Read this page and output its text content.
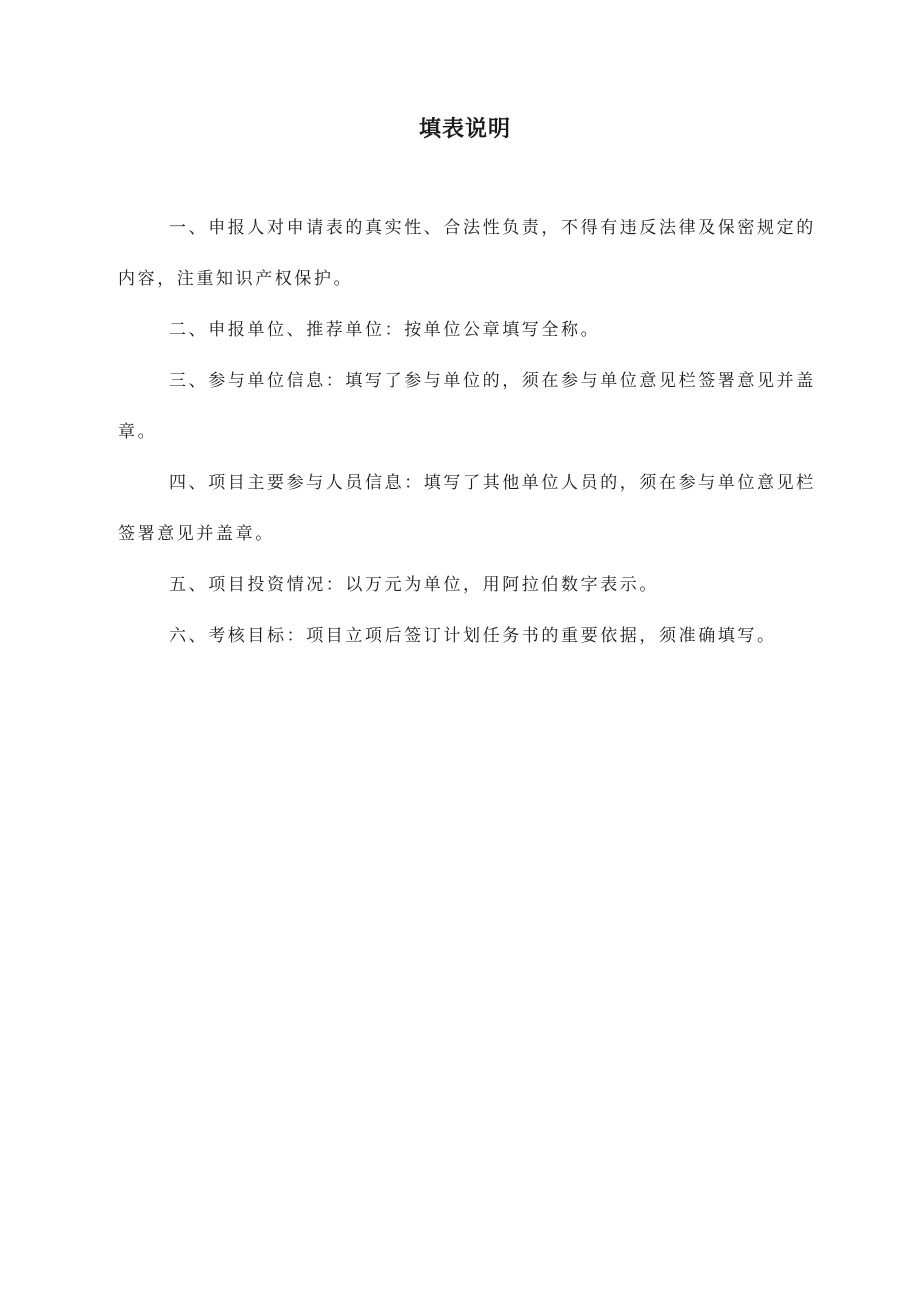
填表说明

一、申报人对申请表的真实性、合法性负责，不得有违反法律及保密规定的内容，注重知识产权保护。

二、申报单位、推荐单位：按单位公章填写全称。

三、参与单位信息：填写了参与单位的，须在参与单位意见栏签署意见并盖章。

四、项目主要参与人员信息：填写了其他单位人员的，须在参与单位意见栏签署意见并盖章。

五、项目投资情况：以万元为单位，用阿拉伯数字表示。

六、考核目标：项目立项后签订计划任务书的重要依据，须准确填写。
